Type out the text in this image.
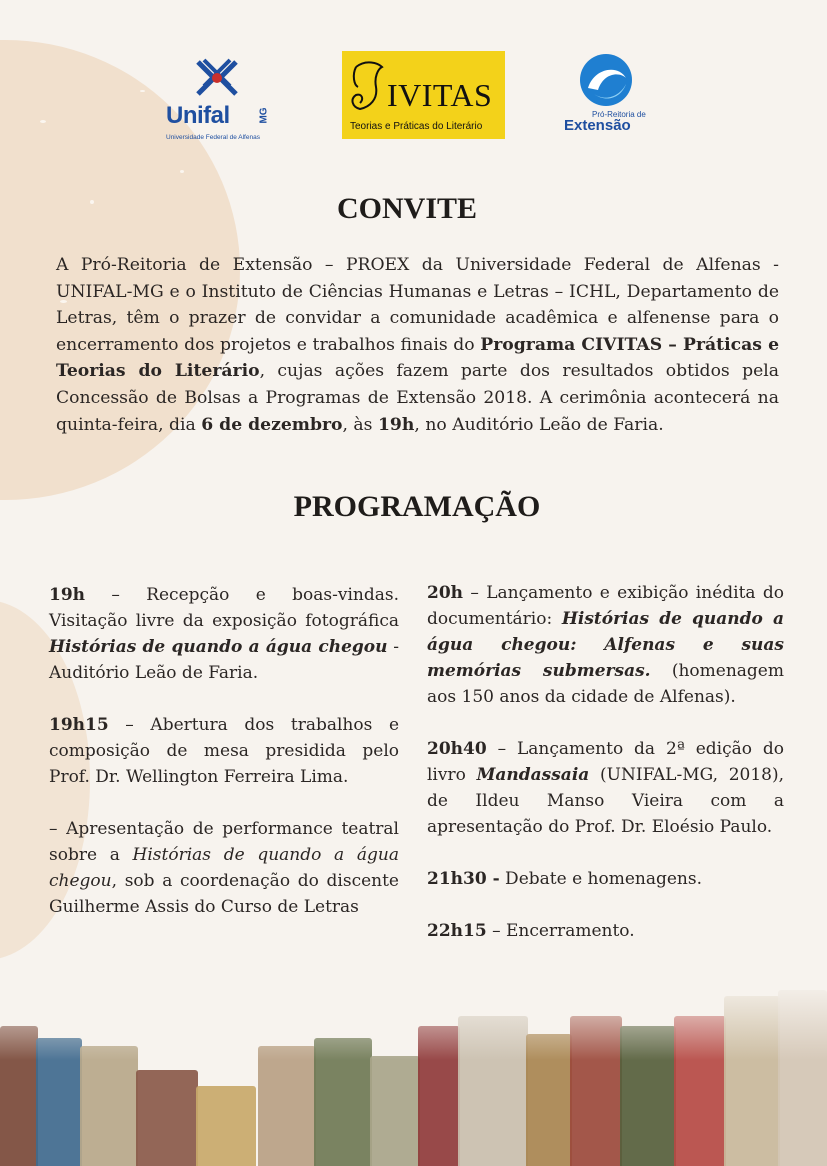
Unifal	MG
Universidade Federal de Alfenas
IVITAS
Teorias e Práticas do Literário
Pró-Reitoria de
Extensão
CONVITE
A Pró-Reitoria de Extensão – PROEX da Universidade Federal de Alfenas - UNIFAL-MG e o Instituto de Ciências Humanas e Letras – ICHL, Departamento de Letras, têm o prazer de convidar a comunidade acadêmica e alfenense para o encerramento dos projetos e trabalhos finais do Programa CIVITAS – Práticas e Teorias do Literário, cujas ações fazem parte dos resultados obtidos pela Concessão de Bolsas a Programas de Extensão 2018. A cerimônia acontecerá na quinta-feira, dia 6 de dezembro, às 19h, no Auditório Leão de Faria.
PROGRAMAÇÃO

19h – Recepção e boas-vindas. Visitação livre da exposição fotográfica Histórias de quando a água chegou - Auditório Leão de Faria.

19h15 – Abertura dos trabalhos e composição de mesa presidida pelo Prof. Dr. Wellington Ferreira Lima.

– Apresentação de performance teatral sobre a Histórias de quando a água chegou, sob a coordenação do discente Guilherme Assis do Curso de Letras

20h – Lançamento e exibição inédita do documentário: Histórias de quando a água chegou: Alfenas e suas memórias submersas. (homenagem aos 150 anos da cidade de Alfenas).

20h40 – Lançamento da 2ª edição do livro Mandassaia (UNIFAL-MG, 2018), de Ildeu Manso Vieira com a apresentação do Prof. Dr. Eloésio Paulo.

21h30 - Debate e homenagens.

22h15 – Encerramento.
